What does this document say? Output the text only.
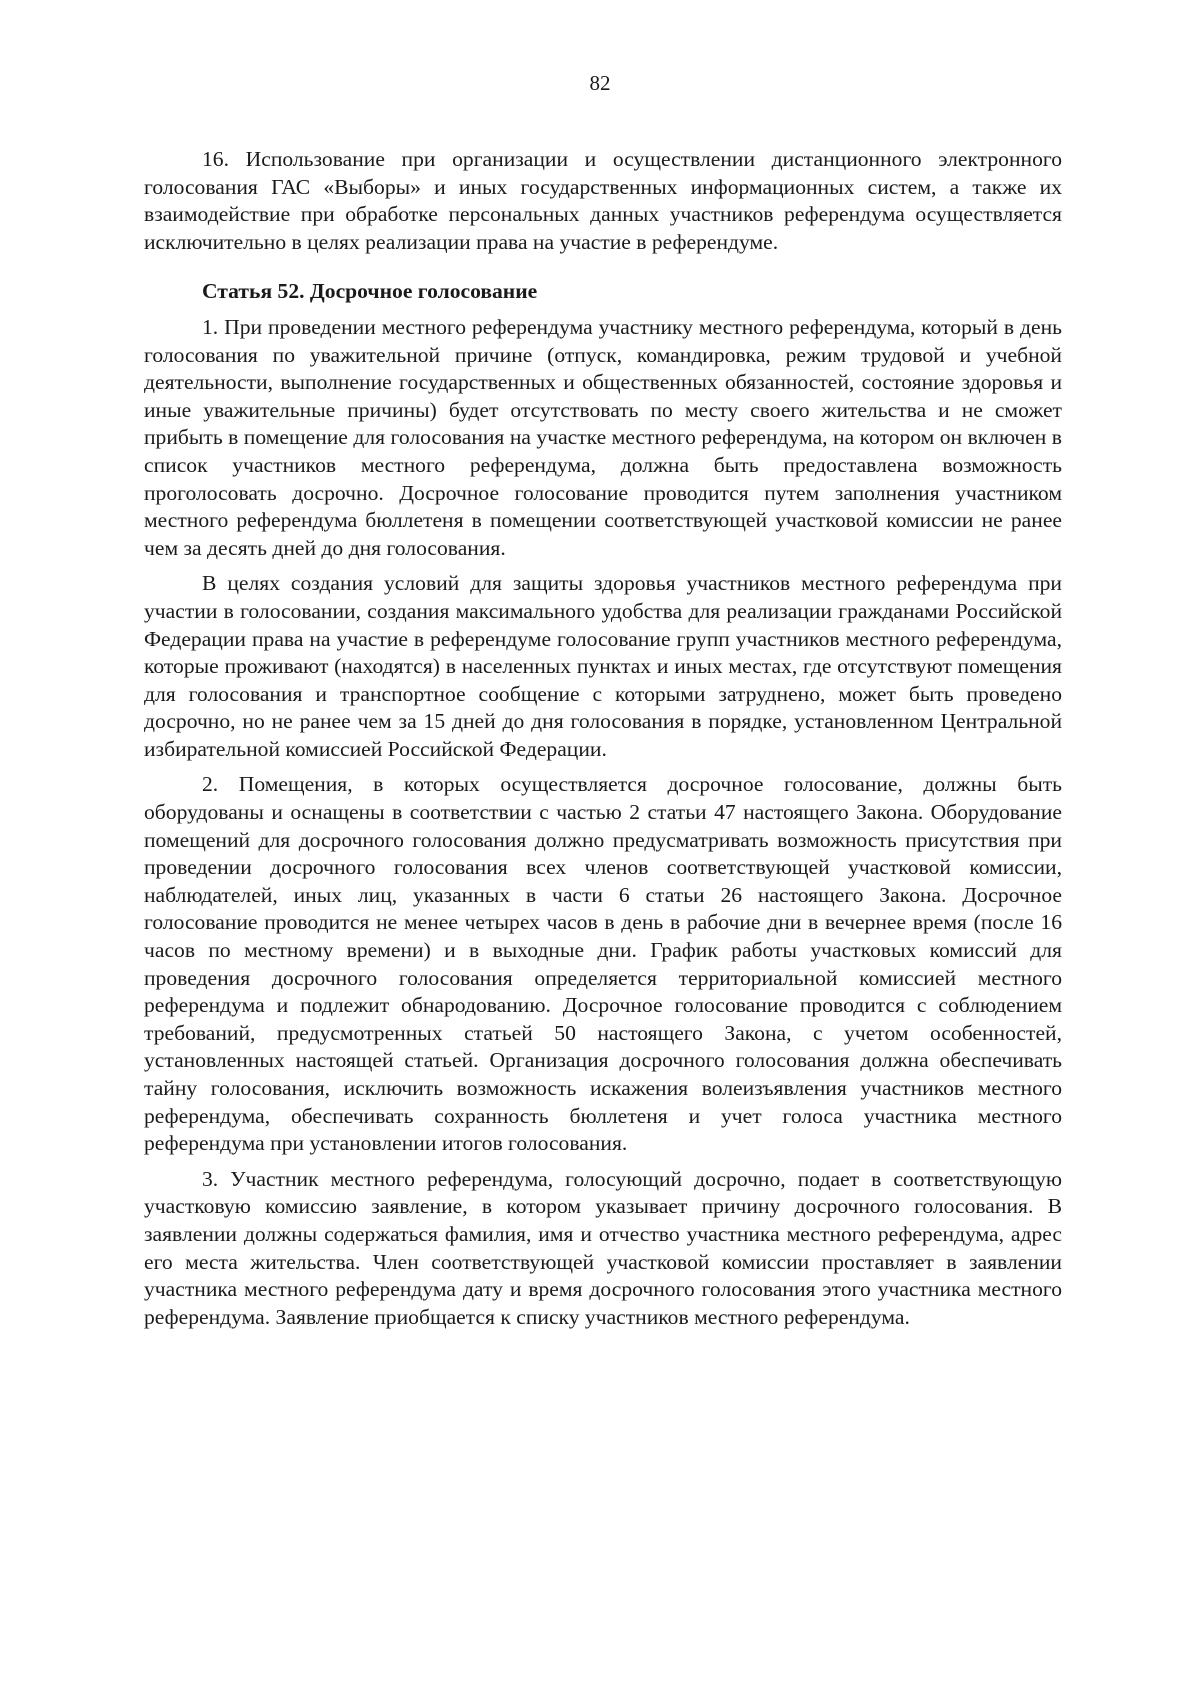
82

16. Использование при организации и осуществлении дистанционного электронного голосования ГАС «Выборы» и иных государственных информационных систем, а также их взаимодействие при обработке персональных данных участников референдума осуществляется исключительно в целях реализации права на участие в референдуме.

Статья 52. Досрочное голосование

1. При проведении местного референдума участнику местного референдума, который в день голосования по уважительной причине (отпуск, командировка, режим трудовой и учебной деятельности, выполнение государственных и общественных обязанностей, состояние здоровья и иные уважительные причины) будет отсутствовать по месту своего жительства и не сможет прибыть в помещение для голосования на участке местного референдума, на котором он включен в список участников местного референдума, должна быть предоставлена возможность проголосовать досрочно. Досрочное голосование проводится путем заполнения участником местного референдума бюллетеня в помещении соответствующей участковой комиссии не ранее чем за десять дней до дня голосования.

В целях создания условий для защиты здоровья участников местного референдума при участии в голосовании, создания максимального удобства для реализации гражданами Российской Федерации права на участие в референдуме голосование групп участников местного референдума, которые проживают (находятся) в населенных пунктах и иных местах, где отсутствуют помещения для голосования и транспортное сообщение с которыми затруднено, может быть проведено досрочно, но не ранее чем за 15 дней до дня голосования в порядке, установленном Центральной избирательной комиссией Российской Федерации.

2. Помещения, в которых осуществляется досрочное голосование, должны быть оборудованы и оснащены в соответствии с частью 2 статьи 47 настоящего Закона. Оборудование помещений для досрочного голосования должно предусматривать возможность присутствия при проведении досрочного голосования всех членов соответствующей участковой комиссии, наблюдателей, иных лиц, указанных в части 6 статьи 26 настоящего Закона. Досрочное голосование проводится не менее четырех часов в день в рабочие дни в вечернее время (после 16 часов по местному времени) и в выходные дни. График работы участковых комиссий для проведения досрочного голосования определяется территориальной комиссией местного референдума и подлежит обнародованию. Досрочное голосование проводится с соблюдением требований, предусмотренных статьей 50 настоящего Закона, с учетом особенностей, установленных настоящей статьей. Организация досрочного голосования должна обеспечивать тайну голосования, исключить возможность искажения волеизъявления участников местного референдума, обеспечивать сохранность бюллетеня и учет голоса участника местного референдума при установлении итогов голосования.

3. Участник местного референдума, голосующий досрочно, подает в соответствующую участковую комиссию заявление, в котором указывает причину досрочного голосования. В заявлении должны содержаться фамилия, имя и отчество участника местного референдума, адрес его места жительства. Член соответствующей участковой комиссии проставляет в заявлении участника местного референдума дату и время досрочного голосования этого участника местного референдума. Заявление приобщается к списку участников местного референдума.
